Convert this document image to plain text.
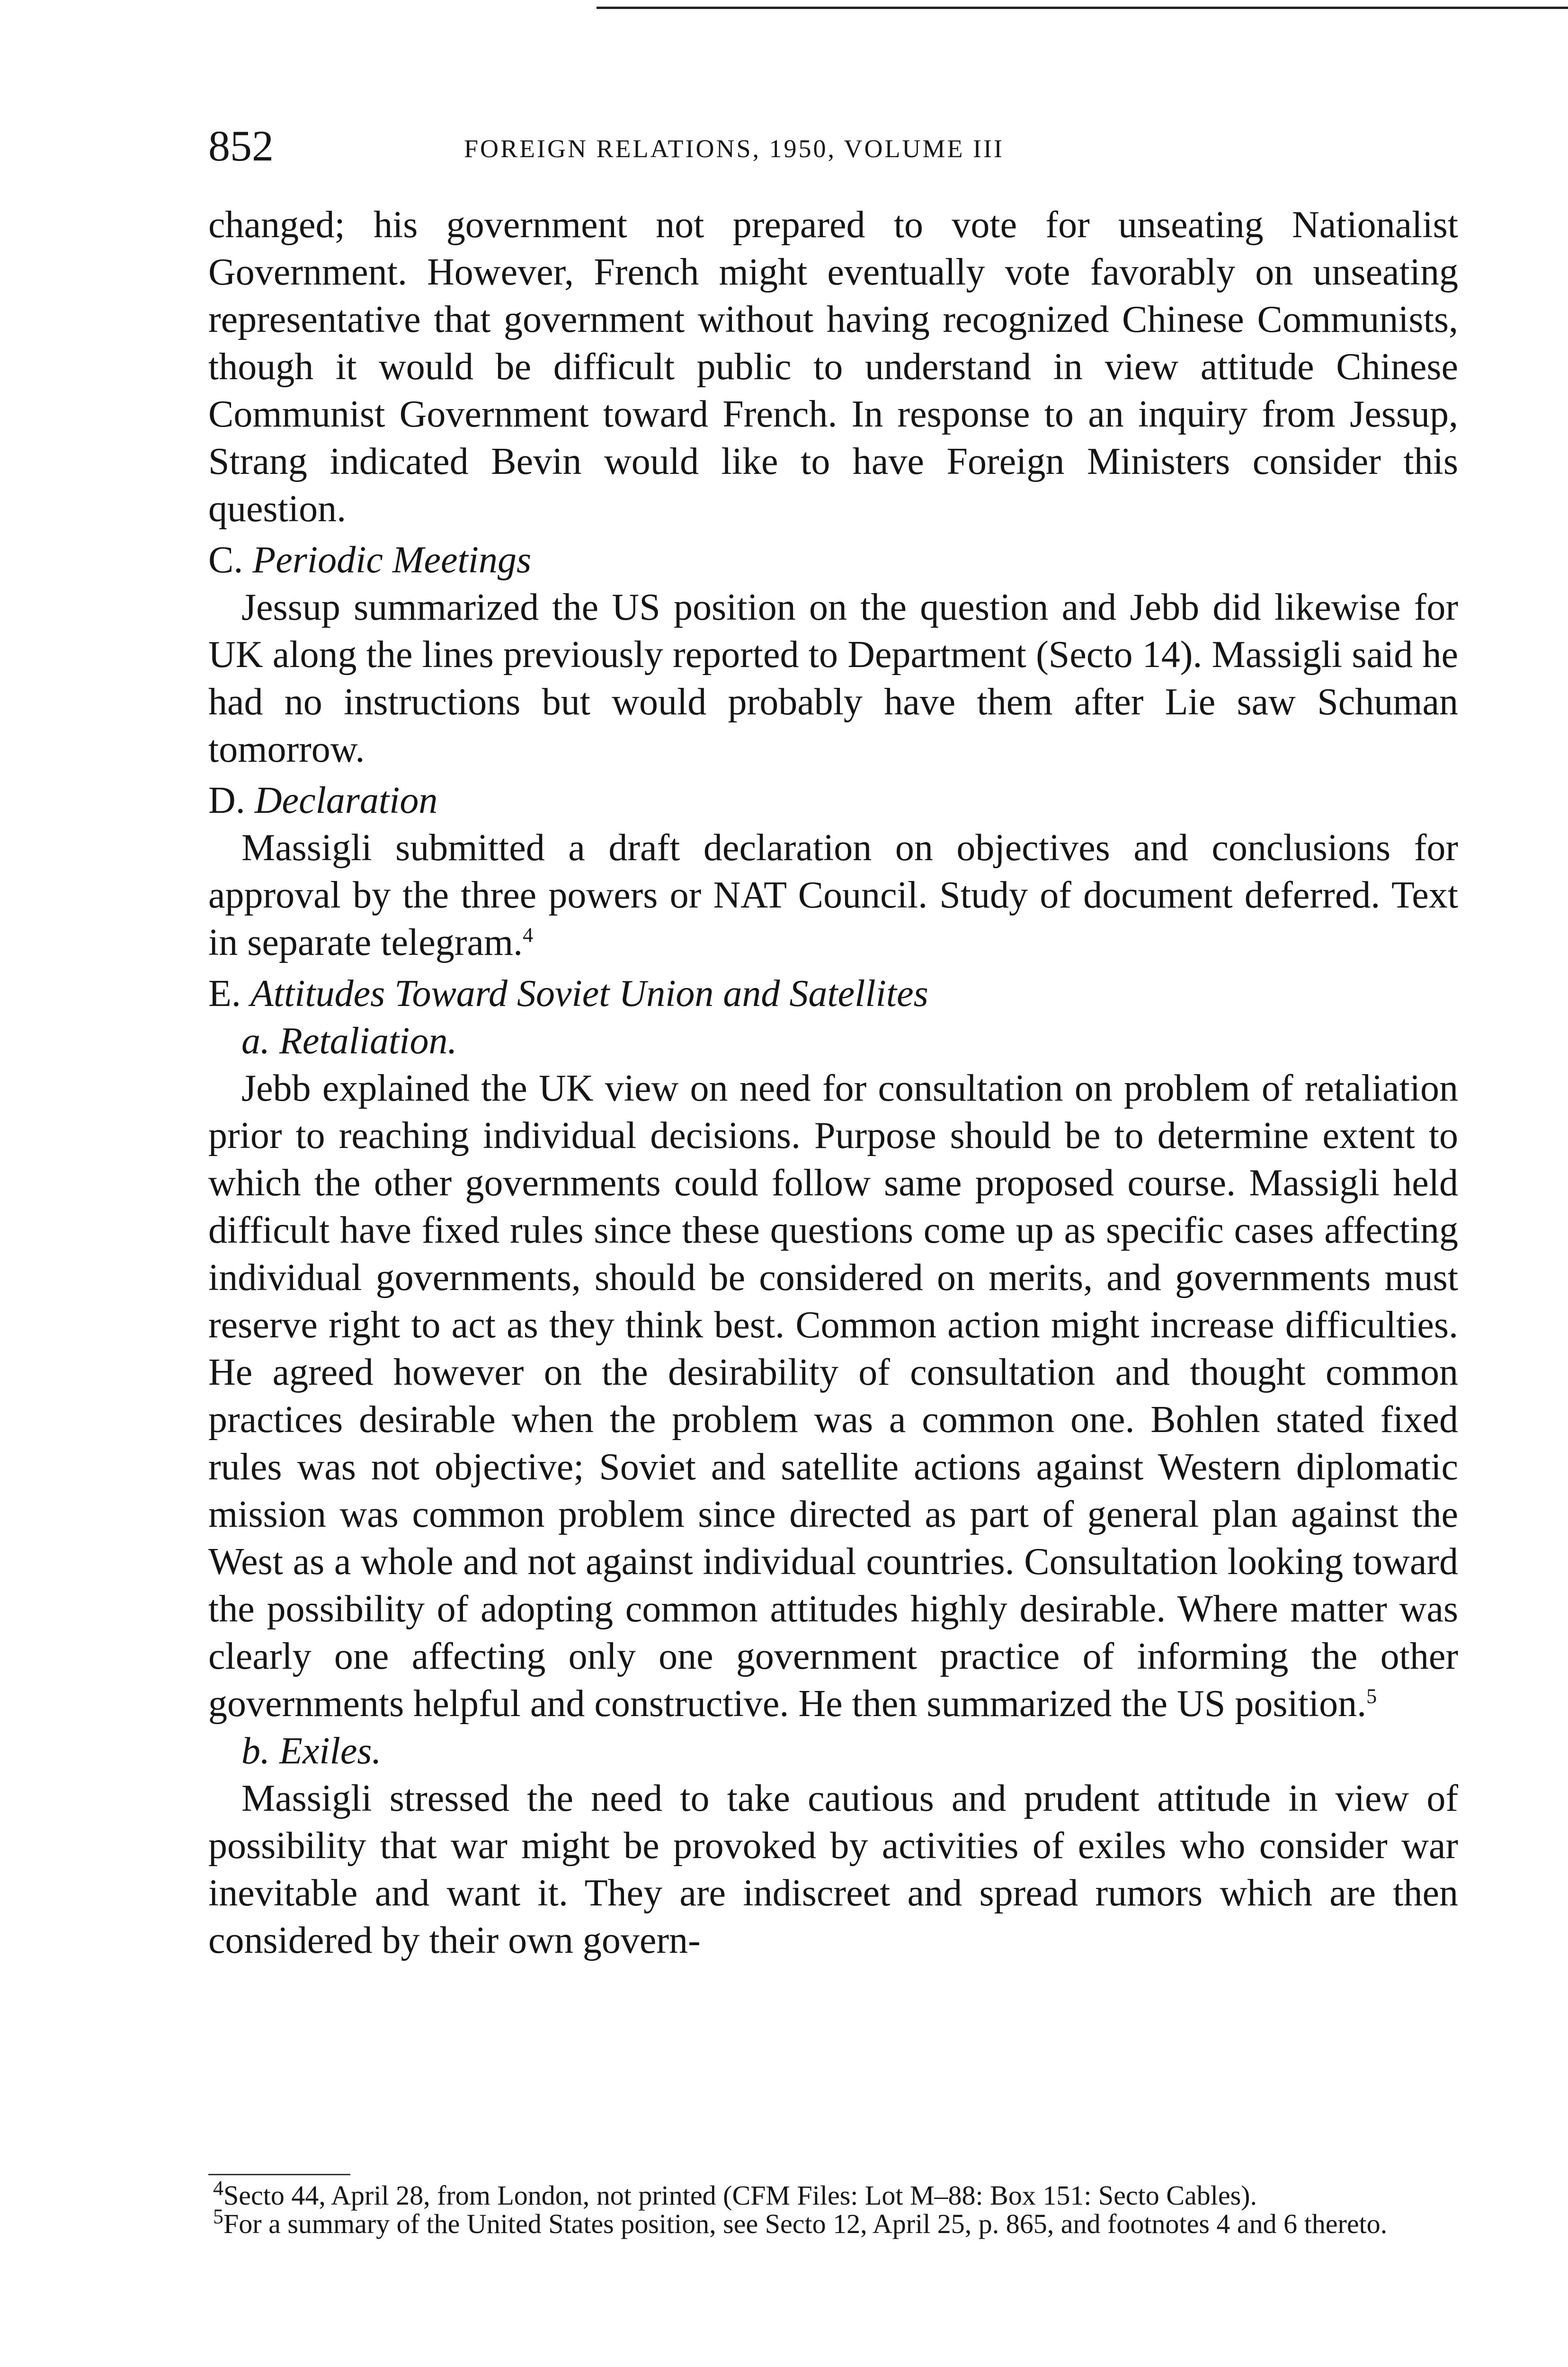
852	FOREIGN RELATIONS, 1950, VOLUME III

changed; his government not prepared to vote for unseating Nationalist Government. However, French might eventually vote favorably on unseating representative that government without having recognized Chinese Communists, though it would be difficult public to understand in view attitude Chinese Communist Government toward French. In response to an inquiry from Jessup, Strang indicated Bevin would like to have Foreign Ministers consider this question.

C. Periodic Meetings

Jessup summarized the US position on the question and Jebb did likewise for UK along the lines previously reported to Department (Secto 14). Massigli said he had no instructions but would probably have them after Lie saw Schuman tomorrow.

D. Declaration

Massigli submitted a draft declaration on objectives and conclusions for approval by the three powers or NAT Council. Study of document deferred. Text in separate telegram.$^4$

E. Attitudes Toward Soviet Union and Satellites
a. Retaliation.

Jebb explained the UK view on need for consultation on problem of retaliation prior to reaching individual decisions. Purpose should be to determine extent to which the other governments could follow same proposed course. Massigli held difficult have fixed rules since these questions come up as specific cases affecting individual governments, should be considered on merits, and governments must reserve right to act as they think best. Common action might increase difficulties. He agreed however on the desirability of consultation and thought common practices desirable when the problem was a common one. Bohlen stated fixed rules was not objective; Soviet and satellite actions against Western diplomatic mission was common problem since directed as part of general plan against the West as a whole and not against individual countries. Consultation looking toward the possibility of adopting common attitudes highly desirable. Where matter was clearly one affecting only one government practice of informing the other governments helpful and constructive. He then summarized the US position.$^5$

b. Exiles.

Massigli stressed the need to take cautious and prudent attitude in view of possibility that war might be provoked by activities of exiles who consider war inevitable and want it. They are indiscreet and spread rumors which are then considered by their own govern-

$^4$Secto 44, April 28, from London, not printed (CFM Files: Lot M–88: Box 151: Secto Cables).

$^5$For a summary of the United States position, see Secto 12, April 25, p. 865, and footnotes 4 and 6 thereto.
